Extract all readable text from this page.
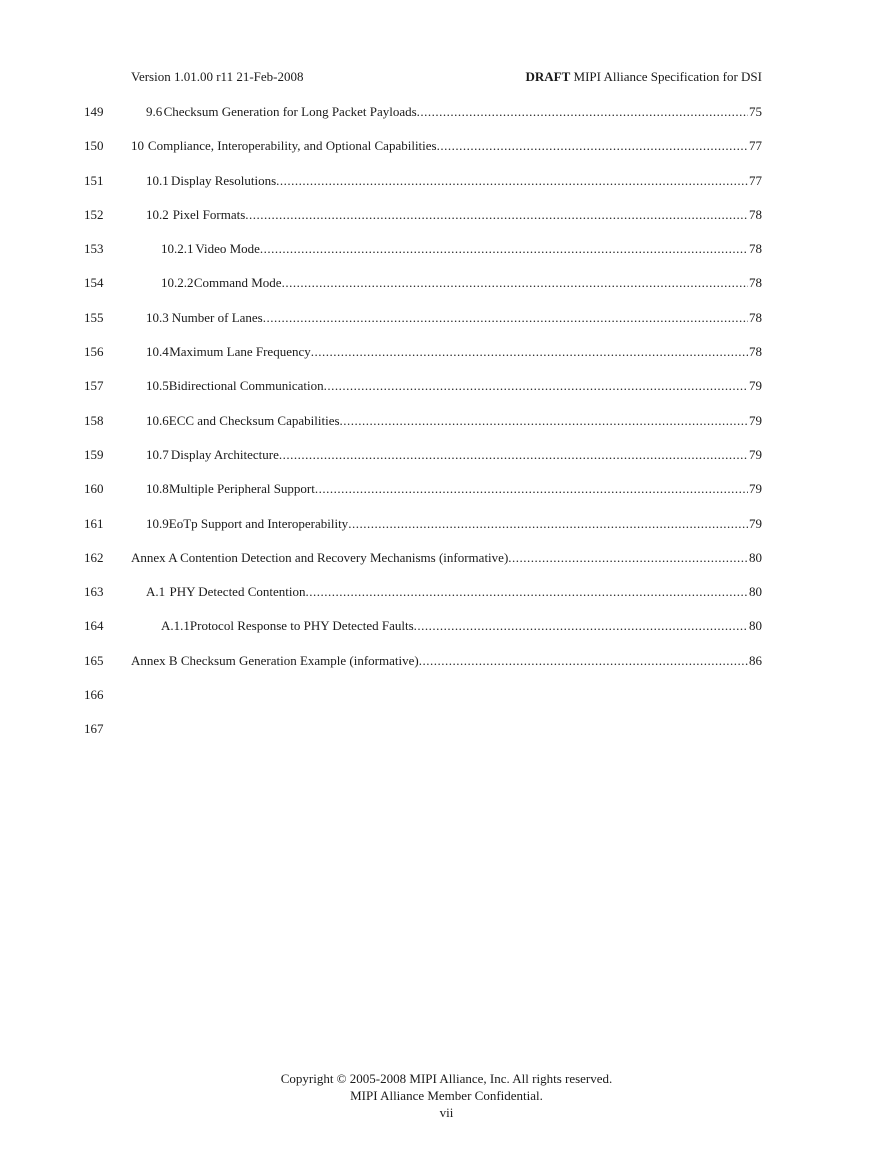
Version 1.01.00 r11 21-Feb-2008	DRAFT MIPI Alliance Specification for DSI
149	9.6 Checksum Generation for Long Packet Payloads .....	75
150	10 Compliance, Interoperability, and Optional Capabilities .....	77
151	10.1 Display Resolutions .....	77
152	10.2 Pixel Formats .....	78
153	10.2.1 Video Mode .....	78
154	10.2.2 Command Mode .....	78
155	10.3 Number of Lanes .....	78
156	10.4 Maximum Lane Frequency .....	78
157	10.5 Bidirectional Communication .....	79
158	10.6 ECC and Checksum Capabilities .....	79
159	10.7 Display Architecture .....	79
160	10.8 Multiple Peripheral Support .....	79
161	10.9 EoTp Support and Interoperability .....	79
162	Annex A Contention Detection and Recovery Mechanisms (informative) .....	80
163	A.1 PHY Detected Contention .....	80
164	A.1.1 Protocol Response to PHY Detected Faults .....	80
165	Annex B Checksum Generation Example (informative) .....	86
166
167
Copyright © 2005-2008 MIPI Alliance, Inc. All rights reserved.
MIPI Alliance Member Confidential.
vii
